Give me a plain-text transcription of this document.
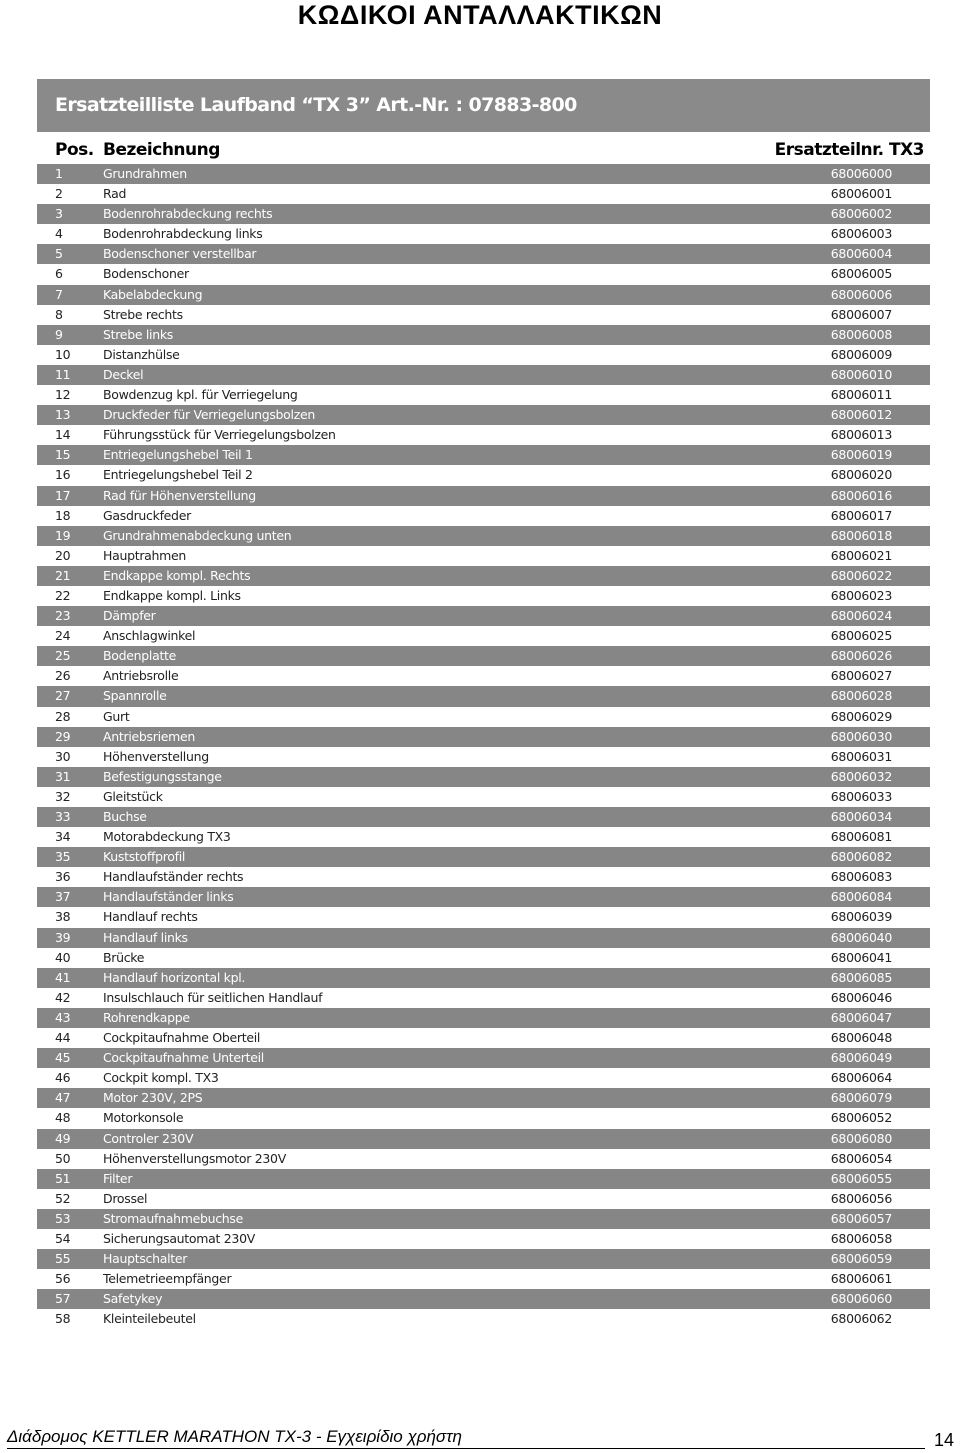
ΚΩΔΙΚΟΙ ΑΝΤΑΛΛΑΚΤΙΚΩΝ
Ersatzteilliste Laufband “TX 3” Art.-Nr. : 07883-800
Pos. Bezeichnung	Ersatzteilnr. TX3
1	Grundrahmen	68006000
2	Rad	68006001
3	Bodenrohrabdeckung rechts	68006002
4	Bodenrohrabdeckung links	68006003
5	Bodenschoner verstellbar	68006004
6	Bodenschoner	68006005
7	Kabelabdeckung	68006006
8	Strebe rechts	68006007
9	Strebe links	68006008
10	Distanzhülse	68006009
11	Deckel	68006010
12	Bowdenzug kpl. für Verriegelung	68006011
13	Druckfeder für Verriegelungsbolzen	68006012
14	Führungsstück für Verriegelungsbolzen	68006013
15	Entriegelungshebel Teil 1	68006019
16	Entriegelungshebel Teil 2	68006020
17	Rad für Höhenverstellung	68006016
18	Gasdruckfeder	68006017
19	Grundrahmenabdeckung unten	68006018
20	Hauptrahmen	68006021
21	Endkappe kompl. Rechts	68006022
22	Endkappe kompl. Links	68006023
23	Dämpfer	68006024
24	Anschlagwinkel	68006025
25	Bodenplatte	68006026
26	Antriebsrolle	68006027
27	Spannrolle	68006028
28	Gurt	68006029
29	Antriebsriemen	68006030
30	Höhenverstellung	68006031
31	Befestigungsstange	68006032
32	Gleitstück	68006033
33	Buchse	68006034
34	Motorabdeckung TX3	68006081
35	Kuststoffprofil	68006082
36	Handlaufständer rechts	68006083
37	Handlaufständer links	68006084
38	Handlauf rechts	68006039
39	Handlauf links	68006040
40	Brücke	68006041
41	Handlauf horizontal kpl.	68006085
42	Insulschlauch für seitlichen Handlauf	68006046
43	Rohrendkappe	68006047
44	Cockpitaufnahme Oberteil	68006048
45	Cockpitaufnahme Unterteil	68006049
46	Cockpit kompl. TX3	68006064
47	Motor 230V, 2PS	68006079
48	Motorkonsole	68006052
49	Controler 230V	68006080
50	Höhenverstellungsmotor 230V	68006054
51	Filter	68006055
52	Drossel	68006056
53	Stromaufnahmebuchse	68006057
54	Sicherungsautomat 230V	68006058
55	Hauptschalter	68006059
56	Telemetrieempfänger	68006061
57	Safetykey	68006060
58	Kleinteilebeutel	68006062
Διάδρομος KETTLER MARATHON TX-3 - Εγχειρίδιο χρήστη	14
